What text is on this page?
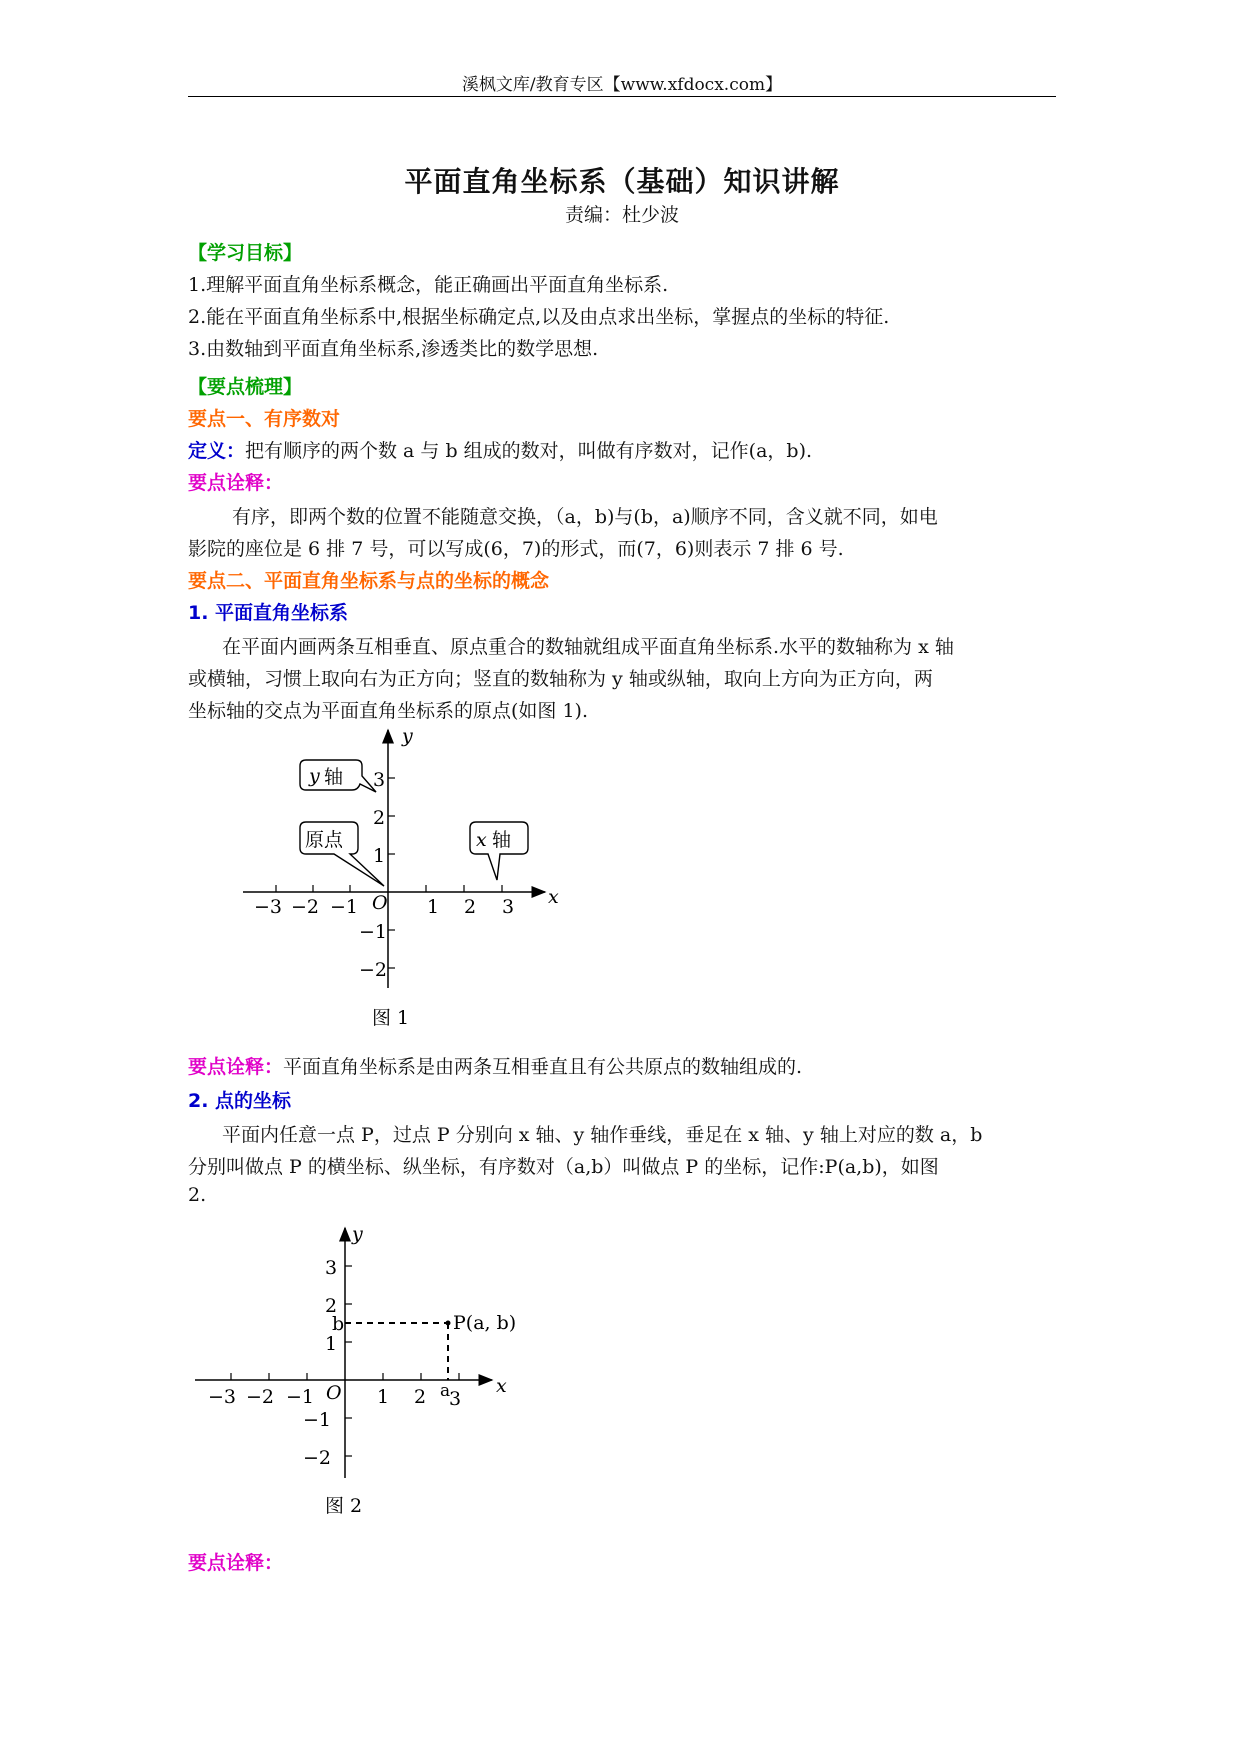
溪枫文库/教育专区【www.xfdocx.com】
平面直角坐标系（基础）知识讲解
责编：杜少波
【学习目标】
1.理解平面直角坐标系概念，能正确画出平面直角坐标系.
2.能在平面直角坐标系中,根据坐标确定点,以及由点求出坐标，掌握点的坐标的特征.
3.由数轴到平面直角坐标系,渗透类比的数学思想.
【要点梳理】
要点一、有序数对
定义：把有顺序的两个数 a 与 b 组成的数对，叫做有序数对，记作(a，b).
要点诠释：
有序，即两个数的位置不能随意交换，（a，b)与(b，a)顺序不同，含义就不同，如电
影院的座位是 6 排 7 号，可以写成(6，7)的形式，而(7，6)则表示 7 排 6 号.
要点二、平面直角坐标系与点的坐标的概念
1. 平面直角坐标系
在平面内画两条互相垂直、原点重合的数轴就组成平面直角坐标系.水平的数轴称为 x 轴
或横轴，习惯上取向右为正方向；竖直的数轴称为 y 轴或纵轴，取向上方向为正方向，两
坐标轴的交点为平面直角坐标系的原点(如图 1).
−3 −2 −1	1 2 3
3
2
1
−1
−2
O	x
y
y 轴
原点	x 轴
图 1
要点诠释：平面直角坐标系是由两条互相垂直且有公共原点的数轴组成的.
2. 点的坐标
平面内任意一点 P，过点 P 分别向 x 轴、y 轴作垂线，垂足在 x 轴、y 轴上对应的数 a，b
分别叫做点 P 的横坐标、纵坐标，有序数对（a,b）叫做点 P 的坐标，记作:P(a,b)，如图
2.
−3 −2 −1	1 2 3
3
2
1
−1
−2
O	x
y
P(a, b)
b
a
图 2
要点诠释：
